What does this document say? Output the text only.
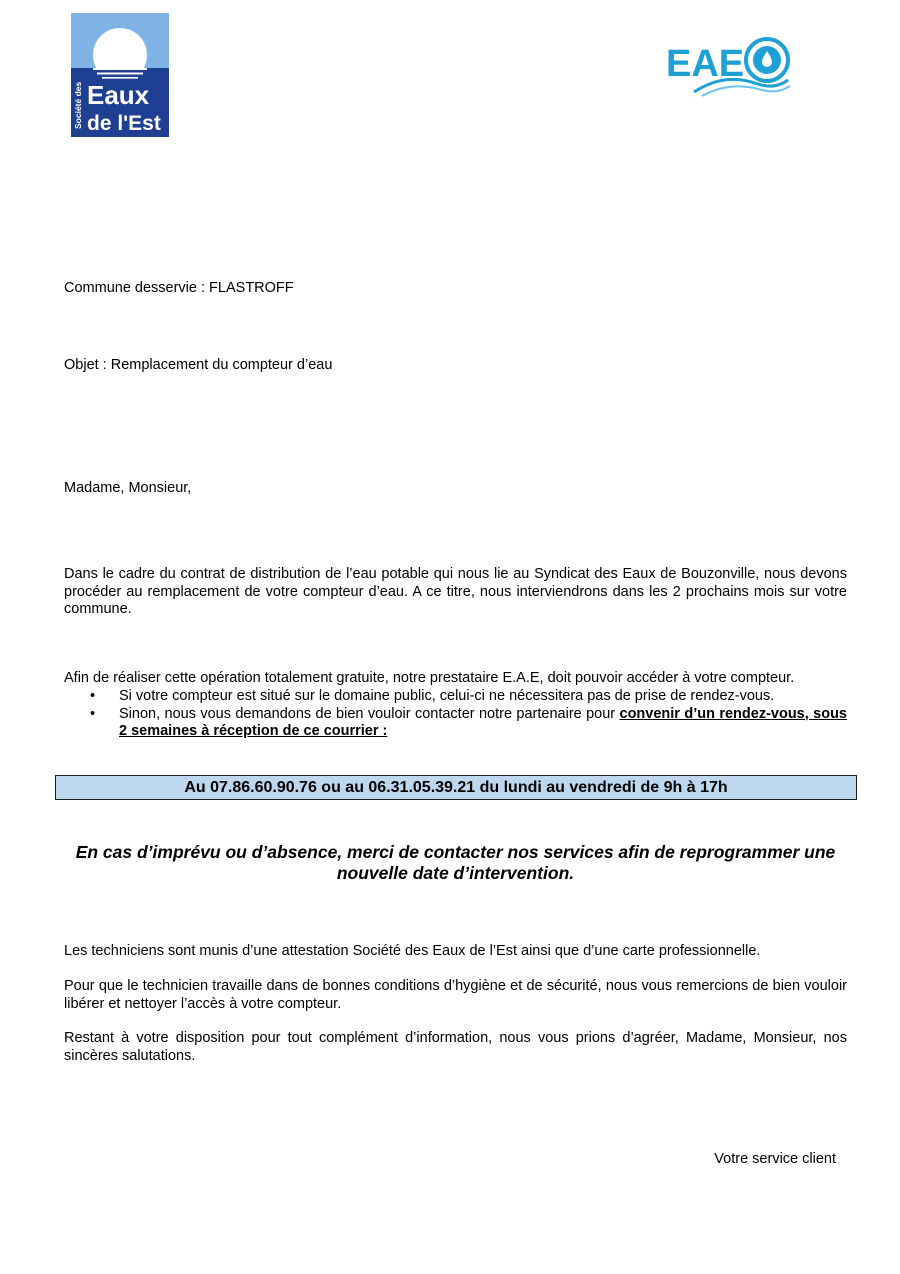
Société des Eaux
de l'Est
EAE
Commune desservie : FLASTROFF
Objet : Remplacement du compteur d’eau
Madame, Monsieur,
Dans le cadre du contrat de distribution de l’eau potable qui nous lie au Syndicat des Eaux de Bouzonville, nous devons procéder au remplacement de votre compteur d’eau. A ce titre, nous interviendrons dans les 2 prochains mois sur votre commune.
Afin de réaliser cette opération totalement gratuite, notre prestataire E.A.E, doit pouvoir accéder à votre compteur.
• Si votre compteur est situé sur le domaine public, celui-ci ne nécessitera pas de prise de rendez-vous.
• Sinon, nous vous demandons de bien vouloir contacter notre partenaire pour convenir d’un rendez-vous, sous 2 semaines à réception de ce courrier :
Au 07.86.60.90.76 ou au 06.31.05.39.21 du lundi au vendredi de 9h à 17h
En cas d’imprévu ou d’absence, merci de contacter nos services afin de reprogrammer une nouvelle date d’intervention.
Les techniciens sont munis d’une attestation Société des Eaux de l’Est ainsi que d’une carte professionnelle.
Pour que le technicien travaille dans de bonnes conditions d’hygiène et de sécurité, nous vous remercions de bien vouloir libérer et nettoyer l’accès à votre compteur.
Restant à votre disposition pour tout complément d’information, nous vous prions d’agréer, Madame, Monsieur, nos sincères salutations.
Votre service client
